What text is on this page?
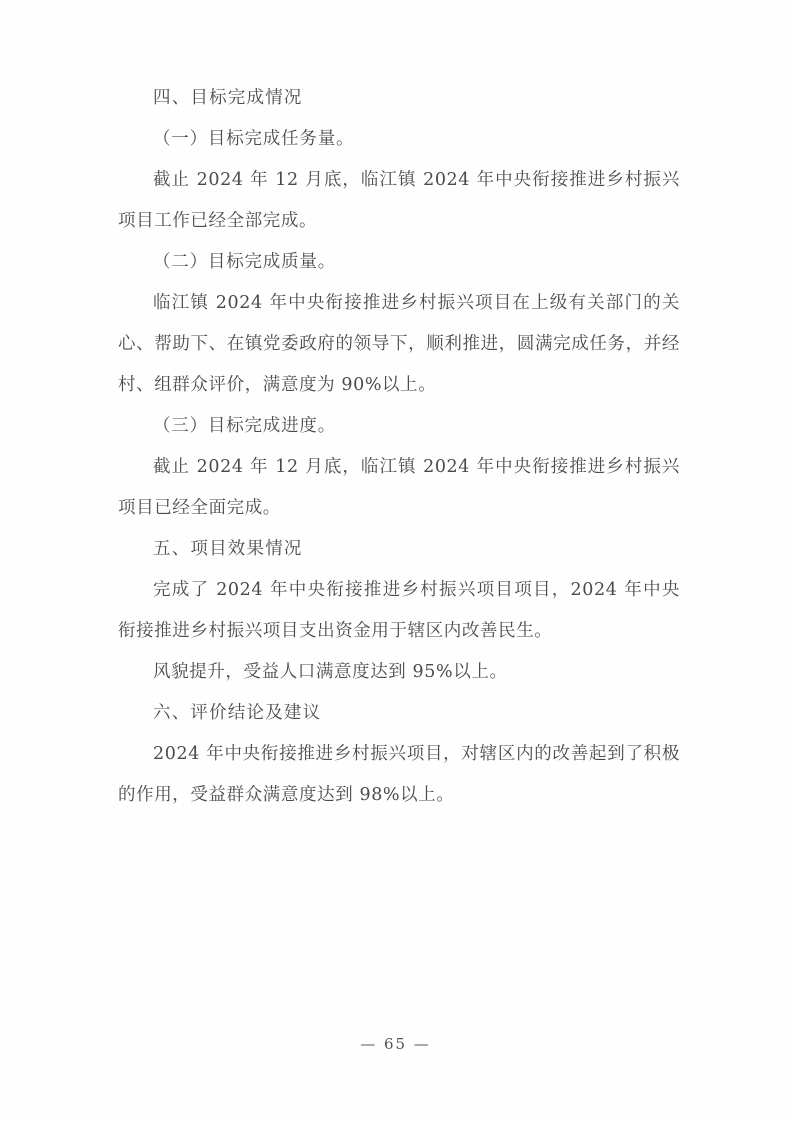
四、目标完成情况

（一）目标完成任务量。

截止 2024 年 12 月底，临江镇 2024 年中央衔接推进乡村振兴项目工作已经全部完成。

（二）目标完成质量。

临江镇 2024 年中央衔接推进乡村振兴项目在上级有关部门的关心、帮助下、在镇党委政府的领导下，顺利推进，圆满完成任务，并经村、组群众评价，满意度为 90%以上。

（三）目标完成进度。

截止 2024 年 12 月底，临江镇 2024 年中央衔接推进乡村振兴项目已经全面完成。

五、项目效果情况

完成了 2024 年中央衔接推进乡村振兴项目项目，2024 年中央衔接推进乡村振兴项目支出资金用于辖区内改善民生。

风貌提升，受益人口满意度达到 95%以上。

六、评价结论及建议

2024 年中央衔接推进乡村振兴项目，对辖区内的改善起到了积极的作用，受益群众满意度达到 98%以上。

— 65 —
